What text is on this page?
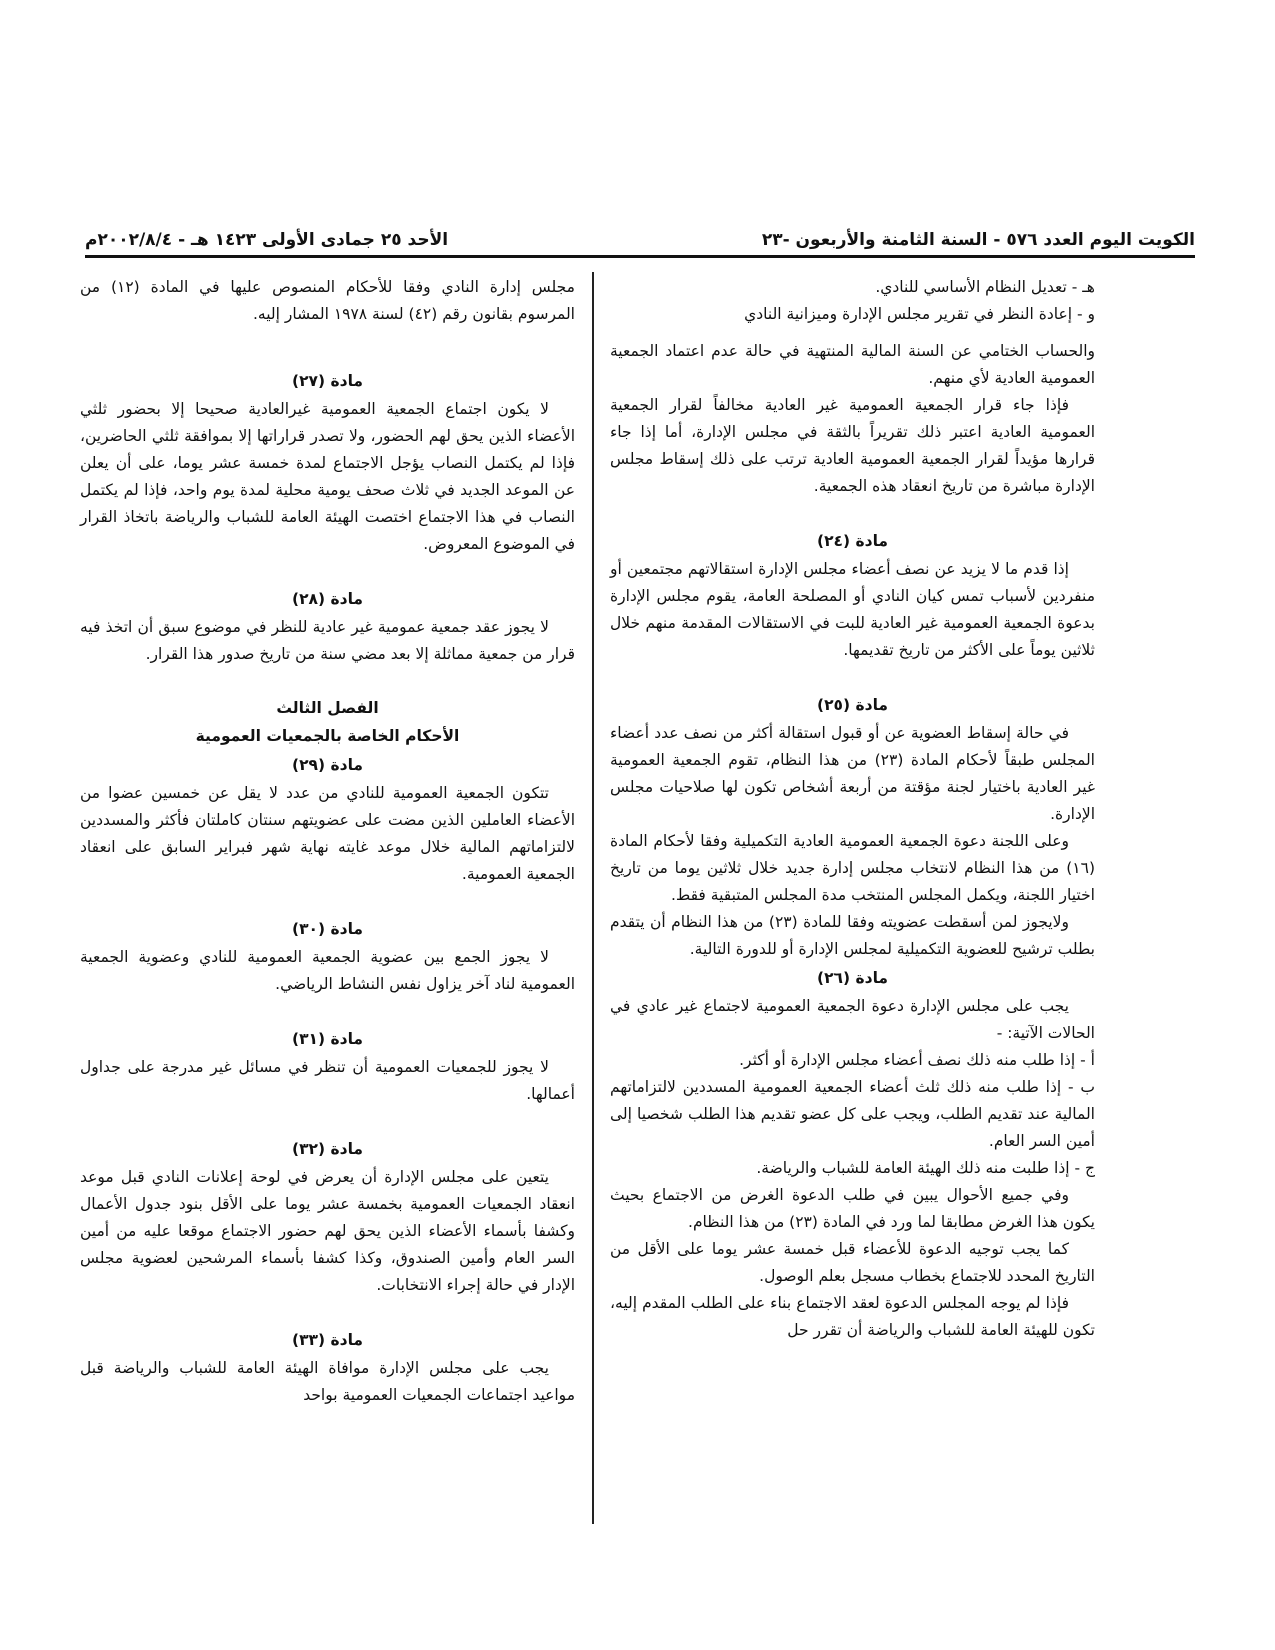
الكويت اليوم العدد ٥٧٦ - السنة الثامنة والأربعون -٢٣
الأحد ٢٥ جمادى الأولى ١٤٢٣ هـ - ٢٠٠٢/٨/٤م

هـ - تعديل النظام الأساسي للنادي.

و - إعادة النظر في تقرير مجلس الإدارة وميزانية النادي

والحساب الختامي عن السنة المالية المنتهية في حالة عدم اعتماد الجمعية العمومية العادية لأي منهم.

فإذا جاء قرار الجمعية العمومية غير العادية مخالفاً لقرار الجمعية العمومية العادية اعتبر ذلك تقريراً بالثقة في مجلس الإدارة، أما إذا جاء قرارها مؤيداً لقرار الجمعية العمومية العادية ترتب على ذلك إسقاط مجلس الإدارة مباشرة من تاريخ انعقاد هذه الجمعية.

مادة (٢٤)

إذا قدم ما لا يزيد عن نصف أعضاء مجلس الإدارة استقالاتهم مجتمعين أو منفردين لأسباب تمس كيان النادي أو المصلحة العامة، يقوم مجلس الإدارة بدعوة الجمعية العمومية غير العادية للبت في الاستقالات المقدمة منهم خلال ثلاثين يوماً على الأكثر من تاريخ تقديمها.

مادة (٢٥)

في حالة إسقاط العضوية عن أو قبول استقالة أكثر من نصف عدد أعضاء المجلس طبقاً لأحكام المادة (٢٣) من هذا النظام، تقوم الجمعية العمومية غير العادية باختيار لجنة مؤقتة من أربعة أشخاص تكون لها صلاحيات مجلس الإدارة.

وعلى اللجنة دعوة الجمعية العمومية العادية التكميلية وفقا لأحكام المادة (١٦) من هذا النظام لانتخاب مجلس إدارة جديد خلال ثلاثين يوما من تاريخ اختيار اللجنة، ويكمل المجلس المنتخب مدة المجلس المتبقية فقط.

ولايجوز لمن أسقطت عضويته وفقا للمادة (٢٣) من هذا النظام أن يتقدم بطلب ترشيح للعضوية التكميلية لمجلس الإدارة أو للدورة التالية.

مادة (٢٦)

يجب على مجلس الإدارة دعوة الجمعية العمومية لاجتماع غير عادي في الحالات الآتية: -

أ - إذا طلب منه ذلك نصف أعضاء مجلس الإدارة أو أكثر.

ب - إذا طلب منه ذلك ثلث أعضاء الجمعية العمومية المسددين لالتزاماتهم المالية عند تقديم الطلب، ويجب على كل عضو تقديم هذا الطلب شخصيا إلى أمين السر العام.

ج - إذا طلبت منه ذلك الهيئة العامة للشباب والرياضة.

وفي جميع الأحوال يبين في طلب الدعوة الغرض من الاجتماع بحيث يكون هذا الغرض مطابقا لما ورد في المادة (٢٣) من هذا النظام.

كما يجب توجيه الدعوة للأعضاء قبل خمسة عشر يوما على الأقل من التاريخ المحدد للاجتماع بخطاب مسجل بعلم الوصول.

فإذا لم يوجه المجلس الدعوة لعقد الاجتماع بناء على الطلب المقدم إليه، تكون للهيئة العامة للشباب والرياضة أن تقرر حل

مجلس إدارة النادي وفقا للأحكام المنصوص عليها في المادة (١٢) من المرسوم بقانون رقم (٤٢) لسنة ١٩٧٨ المشار إليه.

مادة (٢٧)

لا يكون اجتماع الجمعية العمومية غيرالعادية صحيحا إلا بحضور ثلثي الأعضاء الذين يحق لهم الحضور، ولا تصدر قراراتها إلا بموافقة ثلثي الحاضرين، فإذا لم يكتمل النصاب يؤجل الاجتماع لمدة خمسة عشر يوما، على أن يعلن عن الموعد الجديد في ثلاث صحف يومية محلية لمدة يوم واحد، فإذا لم يكتمل النصاب في هذا الاجتماع اختصت الهيئة العامة للشباب والرياضة باتخاذ القرار في الموضوع المعروض.

مادة (٢٨)

لا يجوز عقد جمعية عمومية غير عادية للنظر في موضوع سبق أن اتخذ فيه قرار من جمعية مماثلة إلا بعد مضي سنة من تاريخ صدور هذا القرار.

الفصل الثالث

الأحكام الخاصة بالجمعيات العمومية

مادة (٢٩)

تتكون الجمعية العمومية للنادي من عدد لا يقل عن خمسين عضوا من الأعضاء العاملين الذين مضت على عضويتهم سنتان كاملتان فأكثر والمسددين لالتزاماتهم المالية خلال موعد غايته نهاية شهر فبراير السابق على انعقاد الجمعية العمومية.

مادة (٣٠)

لا يجوز الجمع بين عضوية الجمعية العمومية للنادي وعضوية الجمعية العمومية لناد آخر يزاول نفس النشاط الرياضي.

مادة (٣١)

لا يجوز للجمعيات العمومية أن تنظر في مسائل غير مدرجة على جداول أعمالها.

مادة (٣٢)

يتعين على مجلس الإدارة أن يعرض في لوحة إعلانات النادي قبل موعد انعقاد الجمعيات العمومية بخمسة عشر يوما على الأقل بنود جدول الأعمال وكشفا بأسماء الأعضاء الذين يحق لهم حضور الاجتماع موقعا عليه من أمين السر العام وأمين الصندوق، وكذا كشفا بأسماء المرشحين لعضوية مجلس الإدار في حالة إجراء الانتخابات.

مادة (٣٣)

يجب على مجلس الإدارة موافاة الهيئة العامة للشباب والرياضة قبل مواعيد اجتماعات الجمعيات العمومية بواحد
